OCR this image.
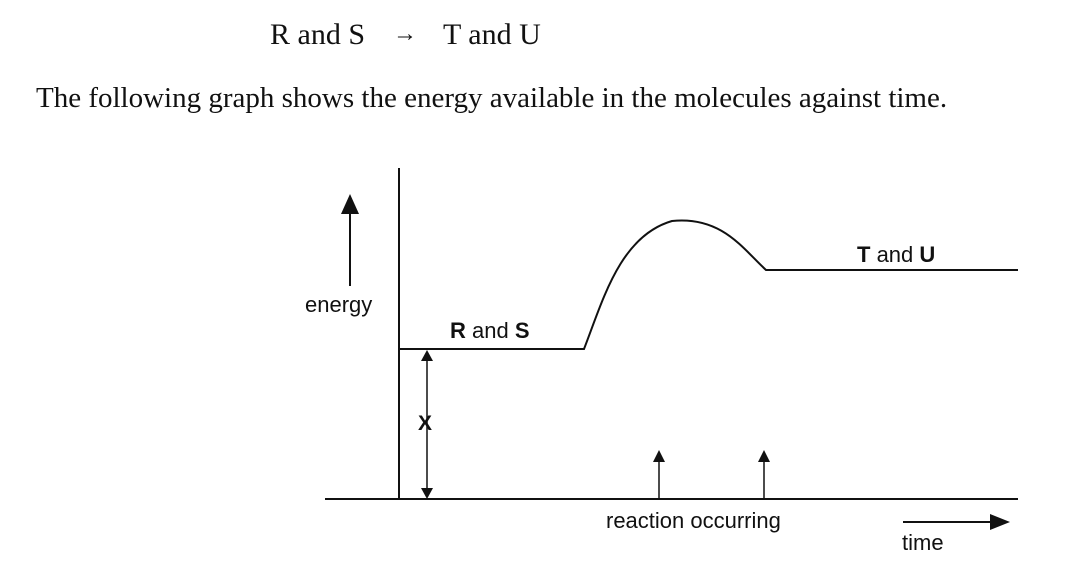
R and S → T and U
The following graph shows the energy available in the molecules against time.
energy
R and S
T and U
X
reaction occurring
time
